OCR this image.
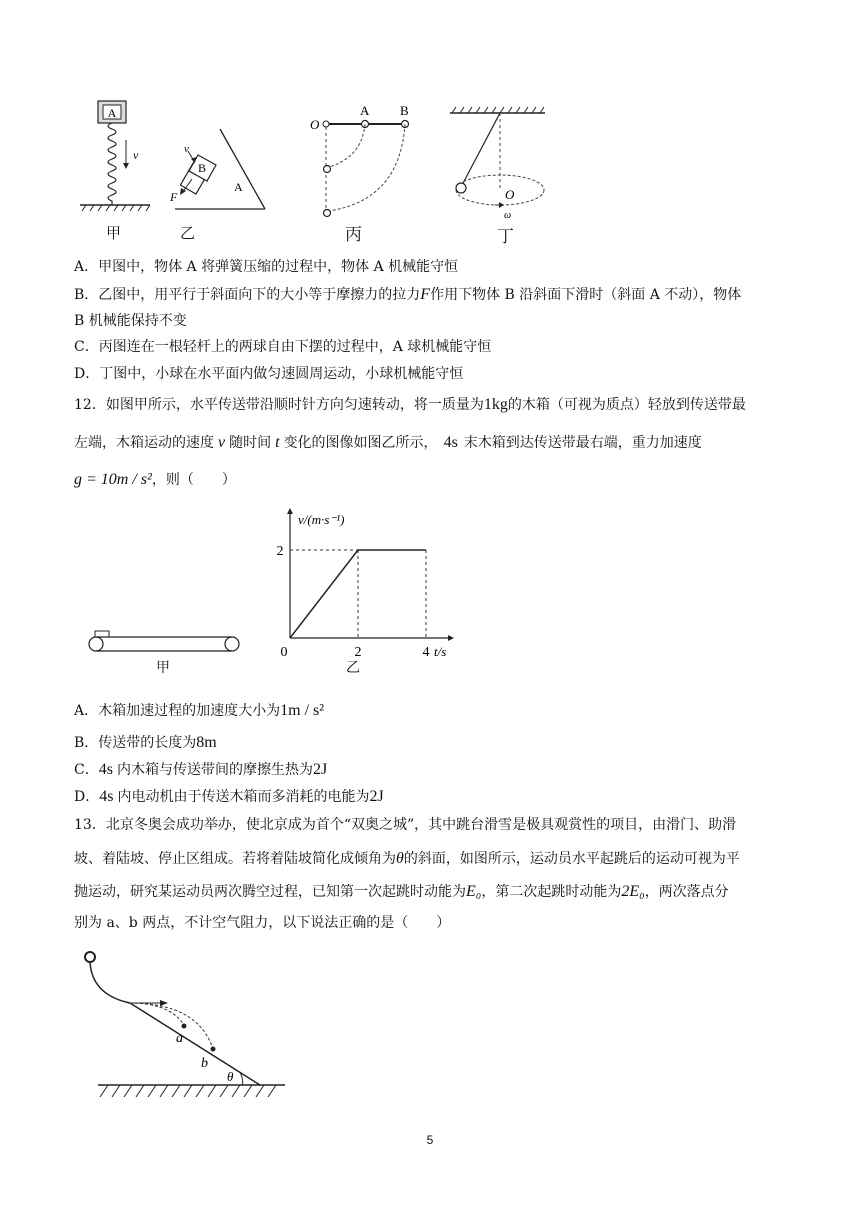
A
v
B
v
F
A
O
A B
O
ω
甲	乙	丙	丁
A．甲图中，物体 A 将弹簧压缩的过程中，物体 A 机械能守恒
B．乙图中，用平行于斜面向下的大小等于摩擦力的拉力F作用下物体 B 沿斜面下滑时（斜面 A 不动），物体
B 机械能保持不变
C．丙图连在一根轻杆上的两球自由下摆的过程中，A 球机械能守恒
D．丁图中，小球在水平面内做匀速圆周运动，小球机械能守恒
12．如图甲所示，水平传送带沿顺时针方向匀速转动，将一质量为1kg的木箱（可视为质点）轻放到传送带最
左端，木箱运动的速度 v 随时间 t 变化的图像如图乙所示， 4s 末木箱到达传送带最右端，重力加速度
g = 10m / s²，则（　　）
甲
v/(m·s⁻¹)
t/s
0	2	4
2
乙
A．木箱加速过程的加速度大小为1m / s²
B．传送带的长度为8m
C．4s 内木箱与传送带间的摩擦生热为2J
D．4s 内电动机由于传送木箱而多消耗的电能为2J
13．北京冬奥会成功举办，使北京成为首个“双奥之城”，其中跳台滑雪是极具观赏性的项目，由滑门、助滑
坡、着陆坡、停止区组成。若将着陆坡简化成倾角为θ的斜面，如图所示，运动员水平起跳后的运动可视为平
抛运动，研究某运动员两次腾空过程，已知第一次起跳时动能为E₀，第二次起跳时动能为2E₀，两次落点分
别为 a、b 两点，不计空气阻力，以下说法正确的是（　　）
a
b
θ
5
